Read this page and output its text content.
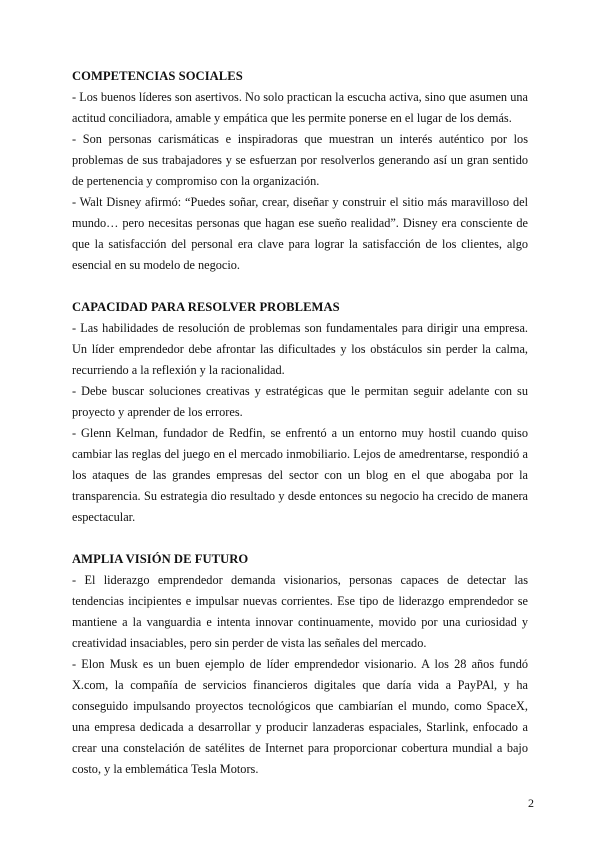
COMPETENCIAS SOCIALES

- Los buenos líderes son asertivos. No solo practican la escucha activa, sino que asumen una actitud conciliadora, amable y empática que les permite ponerse en el lugar de los demás.

- Son personas carismáticas e inspiradoras que muestran un interés auténtico por los problemas de sus trabajadores y se esfuerzan por resolverlos generando así un gran sentido de pertenencia y compromiso con la organización.

- Walt Disney afirmó: “Puedes soñar, crear, diseñar y construir el sitio más maravilloso del mundo… pero necesitas personas que hagan ese sueño realidad”. Disney era consciente de que la satisfacción del personal era clave para lograr la satisfacción de los clientes, algo esencial en su modelo de negocio.

CAPACIDAD PARA RESOLVER PROBLEMAS

- Las habilidades de resolución de problemas son fundamentales para dirigir una empresa. Un líder emprendedor debe afrontar las dificultades y los obstáculos sin perder la calma, recurriendo a la reflexión y la racionalidad.

- Debe buscar soluciones creativas y estratégicas que le permitan seguir adelante con su proyecto y aprender de los errores.

- Glenn Kelman, fundador de Redfin, se enfrentó a un entorno muy hostil cuando quiso cambiar las reglas del juego en el mercado inmobiliario. Lejos de amedrentarse, respondió a los ataques de las grandes empresas del sector con un blog en el que abogaba por la transparencia. Su estrategia dio resultado y desde entonces su negocio ha crecido de manera espectacular.

AMPLIA VISIÓN DE FUTURO

- El liderazgo emprendedor demanda visionarios, personas capaces de detectar las tendencias incipientes e impulsar nuevas corrientes. Ese tipo de liderazgo emprendedor se mantiene a la vanguardia e intenta innovar continuamente, movido por una curiosidad y creatividad insaciables, pero sin perder de vista las señales del mercado.

- Elon Musk es un buen ejemplo de líder emprendedor visionario. A los 28 años fundó X.com, la compañía de servicios financieros digitales que daría vida a PayPAl, y ha conseguido impulsando proyectos tecnológicos que cambiarían el mundo, como SpaceX, una empresa dedicada a desarrollar y producir lanzaderas espaciales, Starlink, enfocado a crear una constelación de satélites de Internet para proporcionar cobertura mundial a bajo costo, y la emblemática Tesla Motors.

2
